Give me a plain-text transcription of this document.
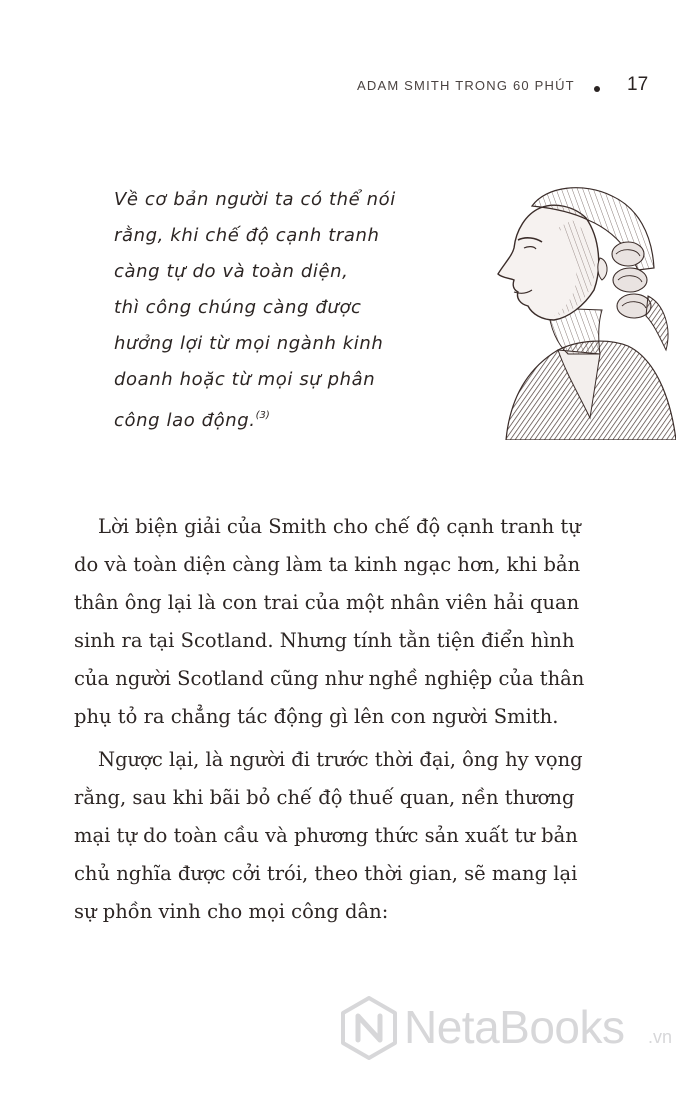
ADAM SMITH TRONG 60 PHÚT	17
Về cơ bản người ta có thể nói
rằng, khi chế độ cạnh tranh
càng tự do và toàn diện,
thì công chúng càng được
hưởng lợi từ mọi ngành kinh
doanh hoặc từ mọi sự phân
công lao động.$^{(3)}$
Lời biện giải của Smith cho chế độ cạnh tranh tự
do và toàn diện càng làm ta kinh ngạc hơn, khi bản
thân ông lại là con trai của một nhân viên hải quan
sinh ra tại Scotland. Nhưng tính tằn tiện điển hình
của người Scotland cũng như nghề nghiệp của thân
phụ tỏ ra chẳng tác động gì lên con người Smith.
Ngược lại, là người đi trước thời đại, ông hy vọng
rằng, sau khi bãi bỏ chế độ thuế quan, nền thương
mại tự do toàn cầu và phương thức sản xuất tư bản
chủ nghĩa được cởi trói, theo thời gian, sẽ mang lại
sự phồn vinh cho mọi công dân:
NetaBooks .vn
